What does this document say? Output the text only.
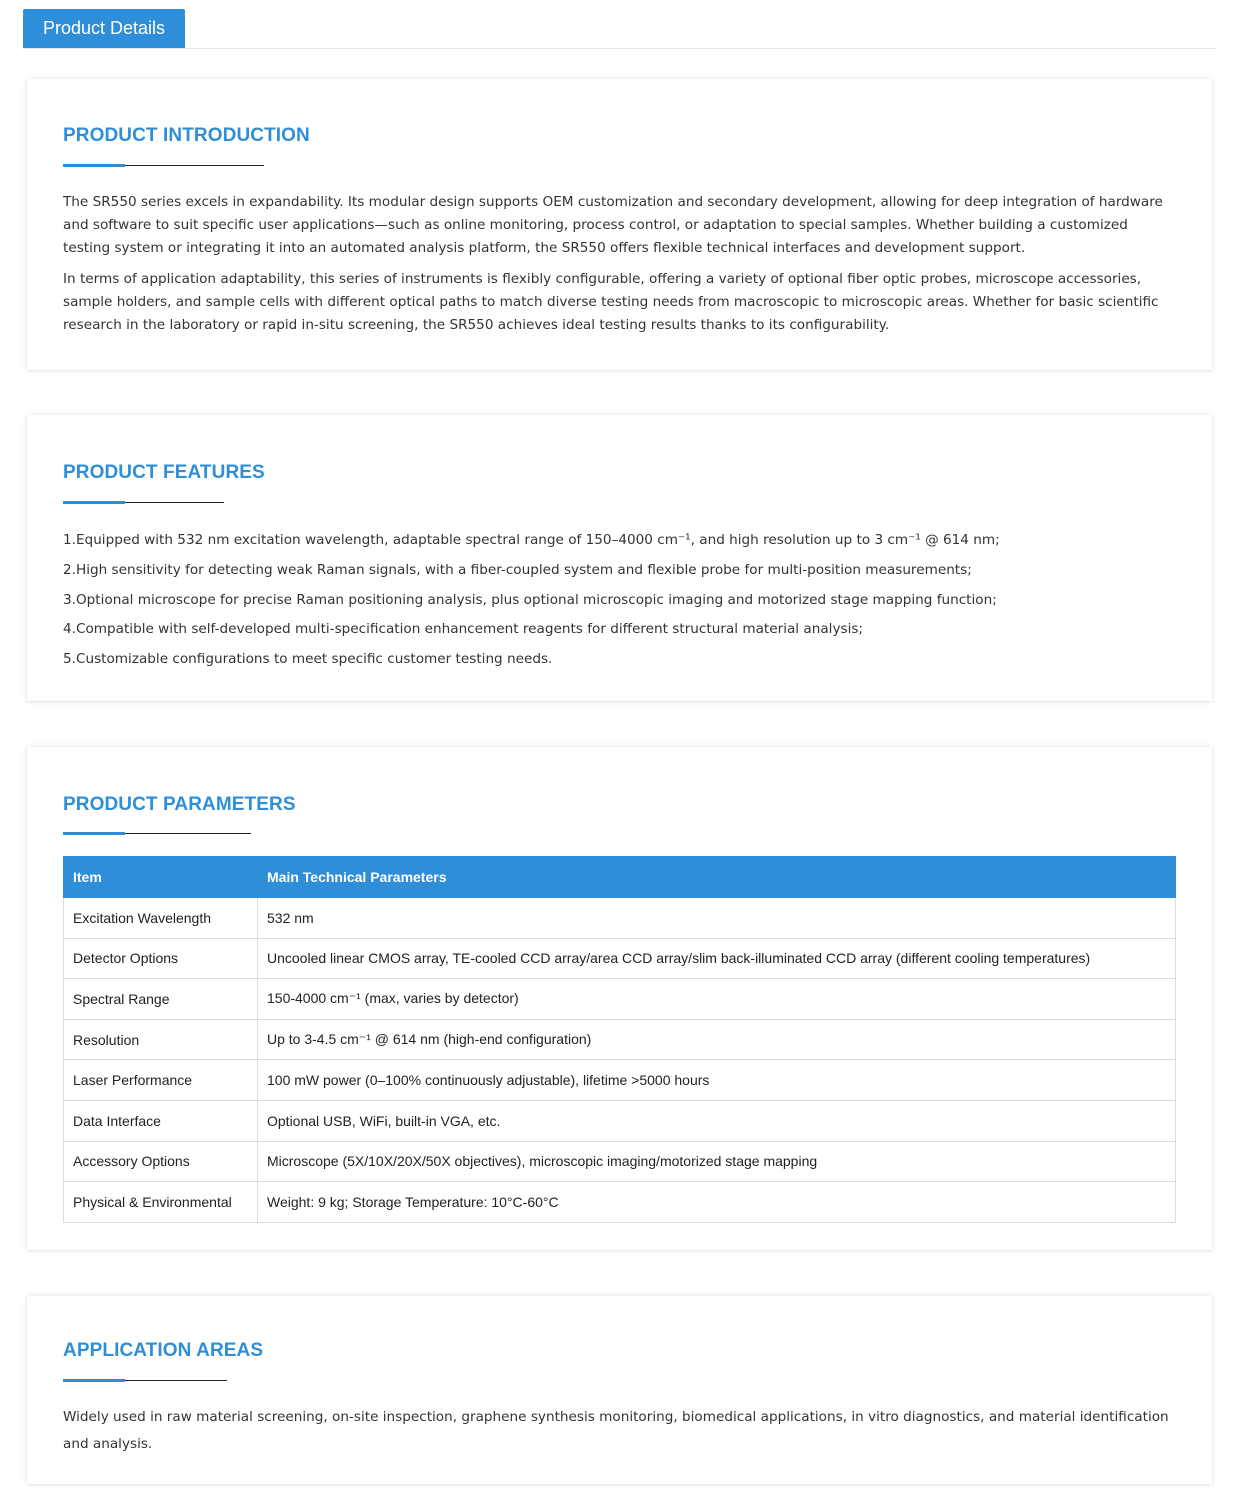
Product Details
PRODUCT INTRODUCTION

The SR550 series excels in expandability. Its modular design supports OEM customization and secondary development, allowing for deep integration of hardware and software to suit specific user applications—such as online monitoring, process control, or adaptation to special samples. Whether building a customized testing system or integrating it into an automated analysis platform, the SR550 offers flexible technical interfaces and development support.

In terms of application adaptability, this series of instruments is flexibly configurable, offering a variety of optional fiber optic probes, microscope accessories, sample holders, and sample cells with different optical paths to match diverse testing needs from macroscopic to microscopic areas. Whether for basic scientific research in the laboratory or rapid in-situ screening, the SR550 achieves ideal testing results thanks to its configurability.

PRODUCT FEATURES
1.Equipped with 532 nm excitation wavelength, adaptable spectral range of 150–4000 cm⁻¹, and high resolution up to 3 cm⁻¹ @ 614 nm;
2.High sensitivity for detecting weak Raman signals, with a fiber-coupled system and flexible probe for multi-position measurements;
3.Optional microscope for precise Raman positioning analysis, plus optional microscopic imaging and motorized stage mapping function;
4.Compatible with self-developed multi-specification enhancement reagents for different structural material analysis;
5.Customizable configurations to meet specific customer testing needs.
PRODUCT PARAMETERS
Item	Main Technical Parameters
Excitation Wavelength	532 nm
Detector Options	Uncooled linear CMOS array, TE-cooled CCD array/area CCD array/slim back-illuminated CCD array (different cooling temperatures)
Spectral Range	150-4000 cm⁻¹ (max, varies by detector)
Resolution	Up to 3-4.5 cm⁻¹ @ 614 nm (high-end configuration)
Laser Performance	100 mW power (0–100% continuously adjustable), lifetime >5000 hours
Data Interface	Optional USB, WiFi, built-in VGA, etc.
Accessory Options	Microscope (5X/10X/20X/50X objectives), microscopic imaging/motorized stage mapping
Physical & Environmental	Weight: 9 kg; Storage Temperature: 10°C-60°C
APPLICATION AREAS

Widely used in raw material screening, on-site inspection, graphene synthesis monitoring, biomedical applications, in vitro diagnostics, and material identification and analysis.
